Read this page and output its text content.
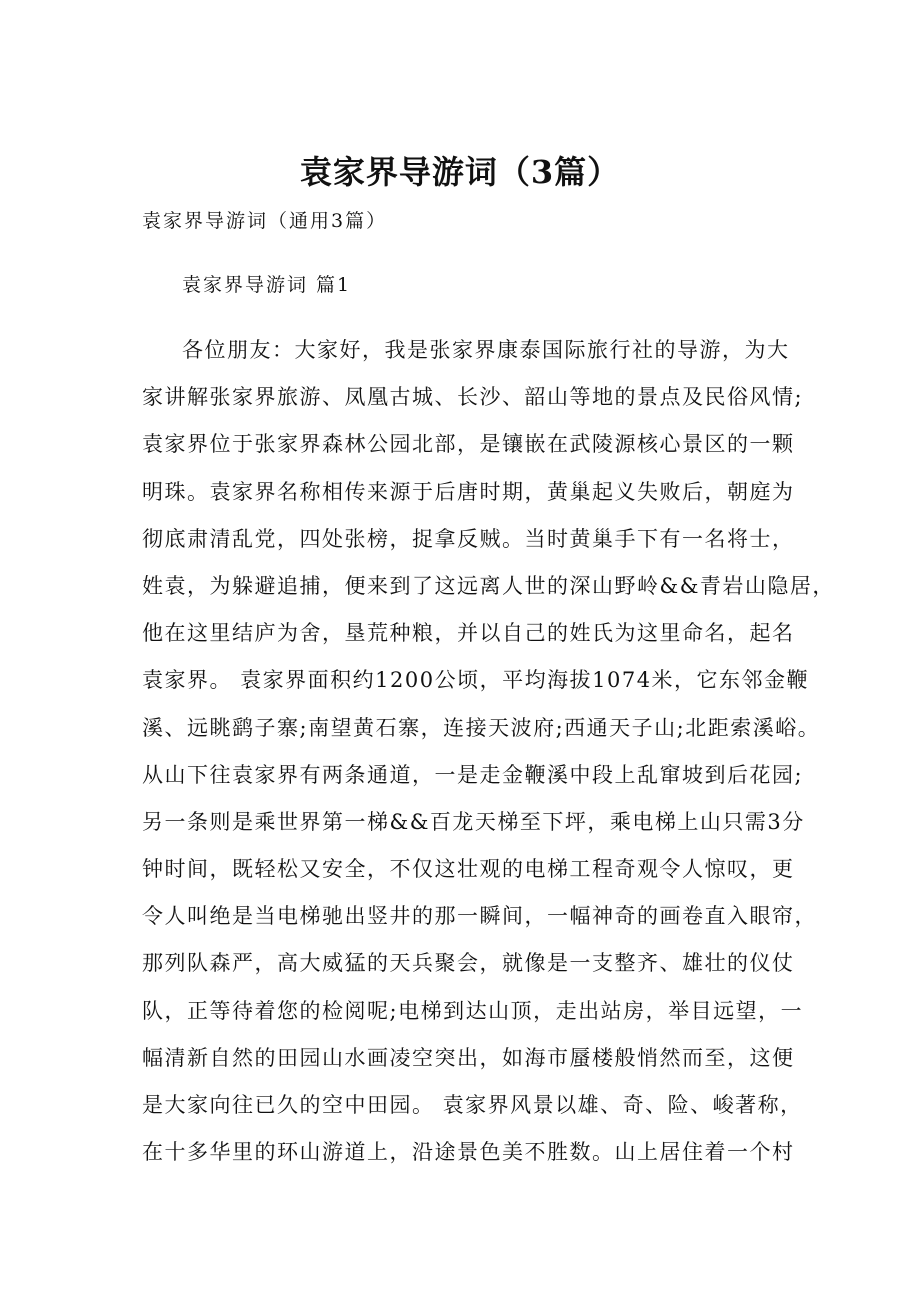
袁家界导游词（3篇）
袁家界导游词（通用3篇）
袁家界导游词 篇1
各位朋友：大家好，我是张家界康泰国际旅行社的导游，为大
家讲解张家界旅游、凤凰古城、长沙、韶山等地的景点及民俗风情;
袁家界位于张家界森林公园北部，是镶嵌在武陵源核心景区的一颗
明珠。袁家界名称相传来源于后唐时期，黄巢起义失败后，朝庭为
彻底肃清乱党，四处张榜，捉拿反贼。当时黄巢手下有一名将士，
姓袁，为躲避追捕，便来到了这远离人世的深山野岭&&青岩山隐居，
他在这里结庐为舍，垦荒种粮，并以自己的姓氏为这里命名，起名
袁家界。 袁家界面积约1200公顷，平均海拔1074米，它东邻金鞭
溪、远眺鹞子寨;南望黄石寨，连接天波府;西通天子山;北距索溪峪。
从山下往袁家界有两条通道，一是走金鞭溪中段上乱窜坡到后花园;
另一条则是乘世界第一梯&&百龙天梯至下坪，乘电梯上山只需3分
钟时间，既轻松又安全，不仅这壮观的电梯工程奇观令人惊叹，更
令人叫绝是当电梯驰出竖井的那一瞬间，一幅神奇的画卷直入眼帘，
那列队森严，高大威猛的天兵聚会，就像是一支整齐、雄壮的仪仗
队，正等待着您的检阅呢;电梯到达山顶，走出站房，举目远望，一
幅清新自然的田园山水画凌空突出，如海市蜃楼般悄然而至，这便
是大家向往已久的空中田园。 袁家界风景以雄、奇、险、峻著称，
在十多华里的环山游道上，沿途景色美不胜数。山上居住着一个村
